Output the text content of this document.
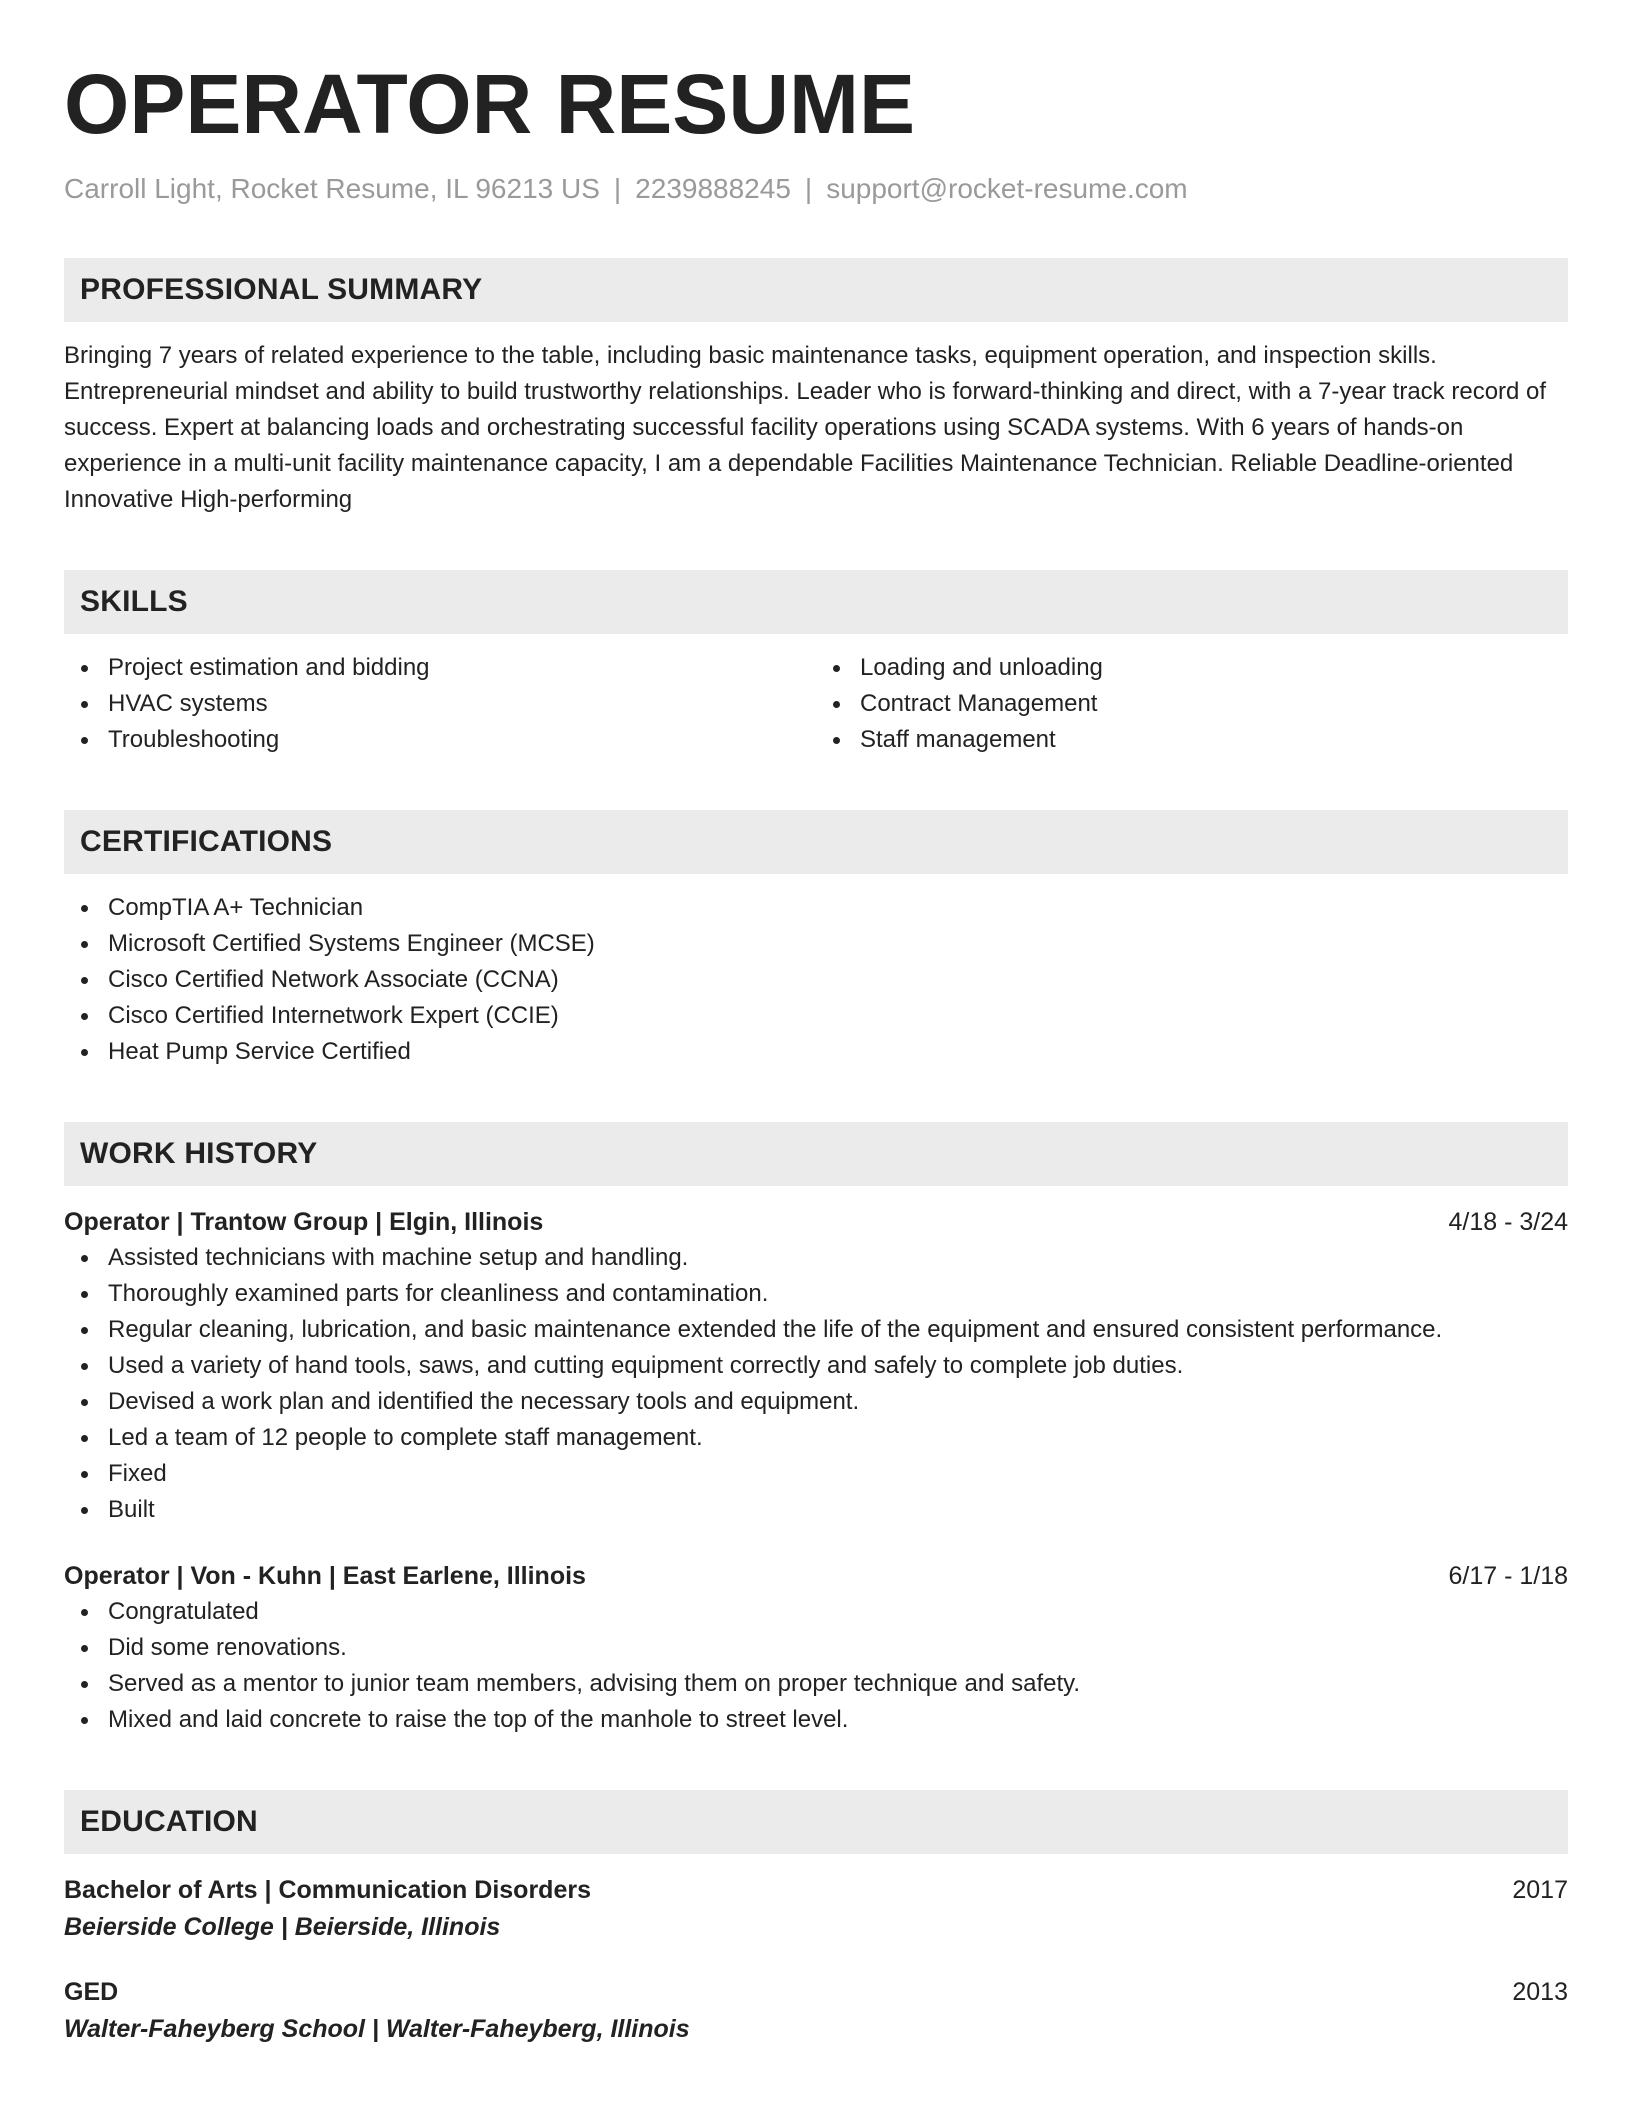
OPERATOR RESUME
Carroll Light, Rocket Resume, IL 96213 US | 2239888245 | support@rocket-resume.com
PROFESSIONAL SUMMARY
Bringing 7 years of related experience to the table, including basic maintenance tasks, equipment operation, and inspection skills. Entrepreneurial mindset and ability to build trustworthy relationships. Leader who is forward-thinking and direct, with a 7-year track record of success. Expert at balancing loads and orchestrating successful facility operations using SCADA systems. With 6 years of hands-on experience in a multi-unit facility maintenance capacity, I am a dependable Facilities Maintenance Technician. Reliable Deadline-oriented Innovative High-performing
SKILLS
Project estimation and bidding
HVAC systems
Troubleshooting
Loading and unloading
Contract Management
Staff management
CERTIFICATIONS
CompTIA A+ Technician
Microsoft Certified Systems Engineer (MCSE)
Cisco Certified Network Associate (CCNA)
Cisco Certified Internetwork Expert (CCIE)
Heat Pump Service Certified
WORK HISTORY
Operator | Trantow Group | Elgin, Illinois	4/18 - 3/24
Assisted technicians with machine setup and handling.
Thoroughly examined parts for cleanliness and contamination.
Regular cleaning, lubrication, and basic maintenance extended the life of the equipment and ensured consistent performance.
Used a variety of hand tools, saws, and cutting equipment correctly and safely to complete job duties.
Devised a work plan and identified the necessary tools and equipment.
Led a team of 12 people to complete staff management.
Fixed
Built
Operator | Von - Kuhn | East Earlene, Illinois	6/17 - 1/18
Congratulated
Did some renovations.
Served as a mentor to junior team members, advising them on proper technique and safety.
Mixed and laid concrete to raise the top of the manhole to street level.
EDUCATION
Bachelor of Arts | Communication Disorders	2017
Beierside College | Beierside, Illinois
GED	2013
Walter-Faheyberg School | Walter-Faheyberg, Illinois
